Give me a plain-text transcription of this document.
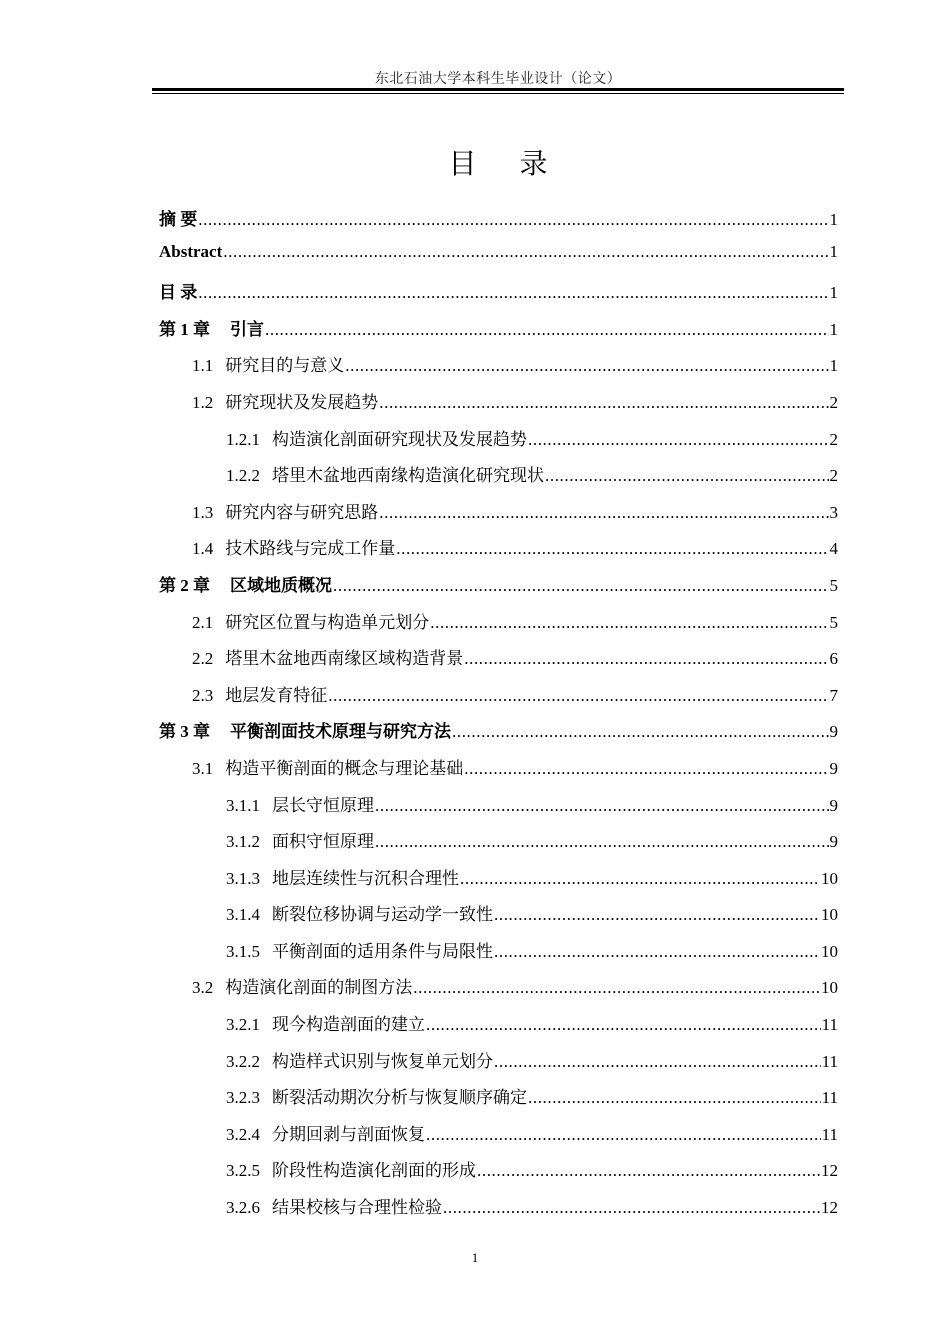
东北石油大学本科生毕业设计（论文）
目 录
摘 要 .....	1
Abstract .....	1
目 录 .....	1
第 1 章 引言 .....	1
1.1 研究目的与意义 .....	1
1.2 研究现状及发展趋势 .....	2
1.2.1 构造演化剖面研究现状及发展趋势 .....	2
1.2.2 塔里木盆地西南缘构造演化研究现状 .....	2
1.3 研究内容与研究思路 .....	3
1.4 技术路线与完成工作量 .....	4
第 2 章 区域地质概况 .....	5
2.1 研究区位置与构造单元划分 .....	5
2.2 塔里木盆地西南缘区域构造背景 .....	6
2.3 地层发育特征 .....	7
第 3 章 平衡剖面技术原理与研究方法 .....	9
3.1 构造平衡剖面的概念与理论基础 .....	9
3.1.1 层长守恒原理 .....	9
3.1.2 面积守恒原理 .....	9
3.1.3 地层连续性与沉积合理性 .....	10
3.1.4 断裂位移协调与运动学一致性 .....	10
3.1.5 平衡剖面的适用条件与局限性 .....	10
3.2 构造演化剖面的制图方法 .....	10
3.2.1 现今构造剖面的建立 .....	11
3.2.2 构造样式识别与恢复单元划分 .....	11
3.2.3 断裂活动期次分析与恢复顺序确定 .....	11
3.2.4 分期回剥与剖面恢复 .....	11
3.2.5 阶段性构造演化剖面的形成 .....	12
3.2.6 结果校核与合理性检验 .....	12
1
